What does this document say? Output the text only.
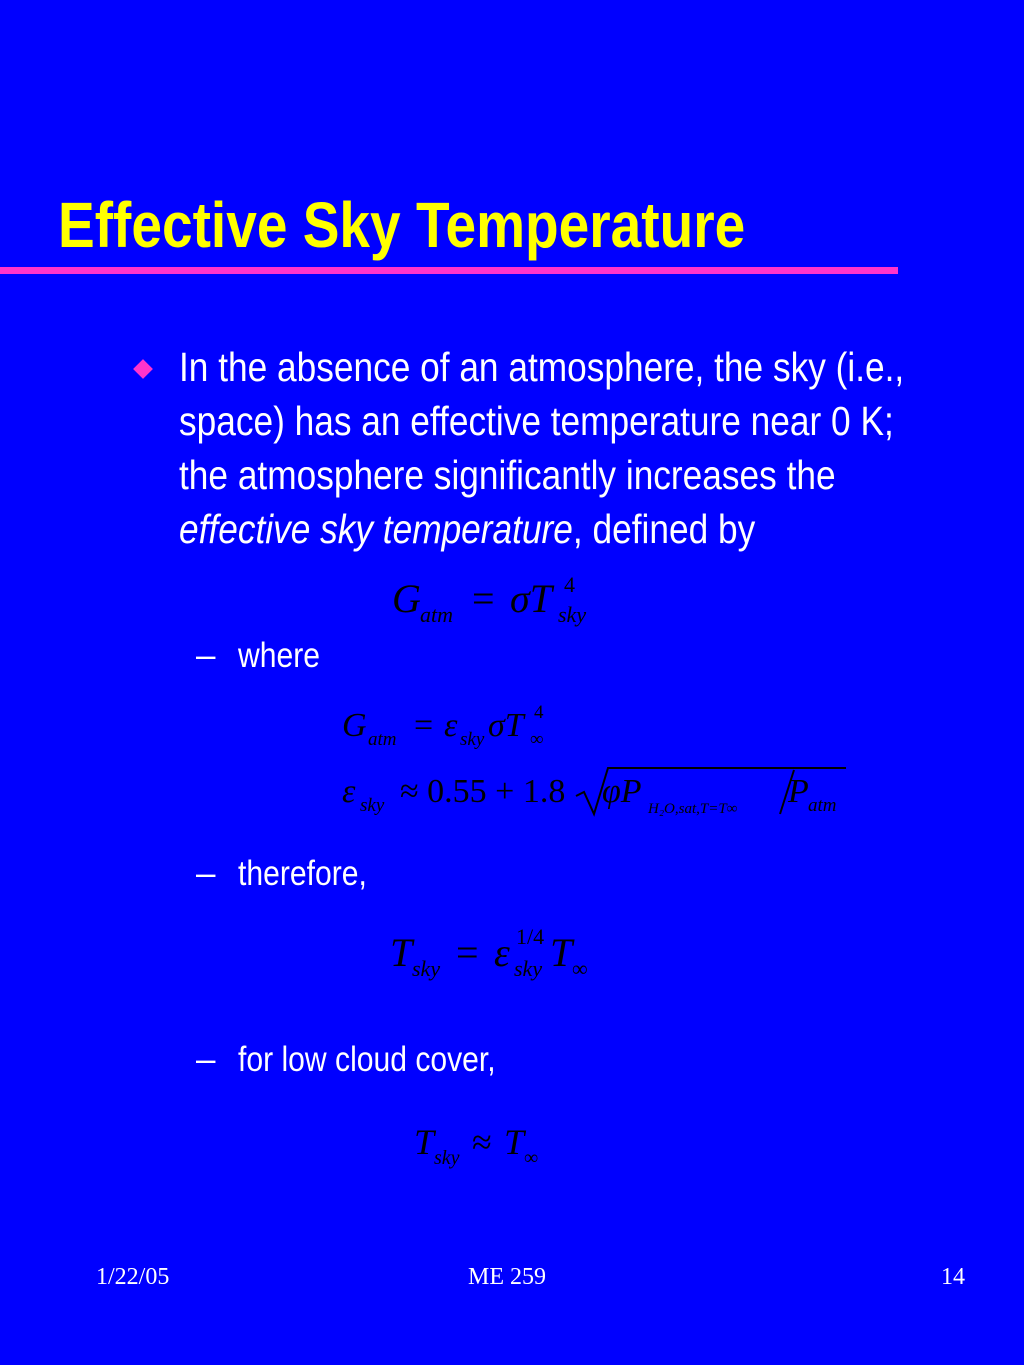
Effective Sky Temperature
In the absence of an atmosphere, the sky (i.e.,
space) has an effective temperature near 0 K;
the atmosphere significantly increases the
effective sky temperature, defined by
G atm = σT 4
sky
– where
G atm = ε sky σT 4
∞
ε sky ≈ 0.55 + 1.8 φP H₂O,sat,T=T∞ P atm
– therefore,
T sky = ε 1/4
sky T ∞
– for low cloud cover,
T sky ≈ T ∞
1/22/05	ME 259	14
